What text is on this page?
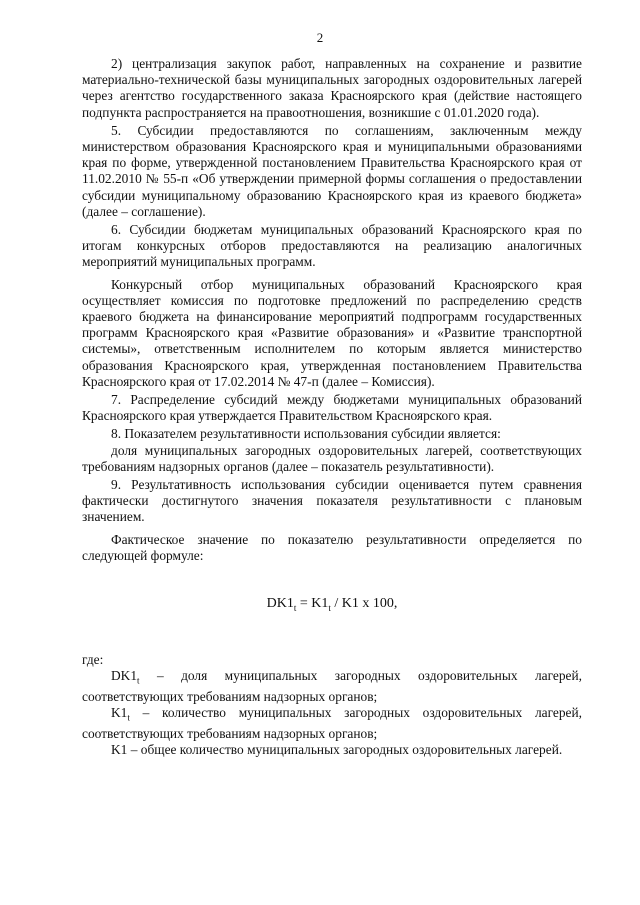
2

2) централизация закупок работ, направленных на сохранение и развитие материально-технической базы муниципальных загородных оздоровительных лагерей через агентство государственного заказа Красноярского края (действие настоящего подпункта распространяется на правоотношения, возникшие с 01.01.2020 года).

5. Субсидии предоставляются по соглашениям, заключенным между министерством образования Красноярского края и муниципальными образованиями края по форме, утвержденной постановлением Правительства Красноярского края от 11.02.2010 № 55-п «Об утверждении примерной формы соглашения о предоставлении субсидии муниципальному образованию Красноярского края из краевого бюджета» (далее – соглашение).

6. Субсидии бюджетам муниципальных образований Красноярского края по итогам конкурсных отборов предоставляются на реализацию аналогичных мероприятий муниципальных программ.

Конкурсный отбор муниципальных образований Красноярского края осуществляет комиссия по подготовке предложений по распределению средств краевого бюджета на финансирование мероприятий подпрограмм государственных программ Красноярского края «Развитие образования» и «Развитие транспортной системы», ответственным исполнителем по которым является министерство образования Красноярского края, утвержденная постановлением Правительства Красноярского края от 17.02.2014 № 47-п (далее – Комиссия).

7. Распределение субсидий между бюджетами муниципальных образований Красноярского края утверждается Правительством Красноярского края.

8. Показателем результативности использования субсидии является:

доля муниципальных загородных оздоровительных лагерей, соответствующих требованиям надзорных органов (далее – показатель результативности).

9. Результативность использования субсидии оценивается путем сравнения фактически достигнутого значения показателя результативности с плановым значением.

Фактическое значение по показателю результативности определяется по следующей формуле:

$DK1_t = K1_t / K1$ x 100,

где:

$DK1_t$ – доля муниципальных загородных оздоровительных лагерей, соответствующих требованиям надзорных органов;

$K1_t$ – количество муниципальных загородных оздоровительных лагерей, соответствующих требованиям надзорных органов;

K1 – общее количество муниципальных загородных оздоровительных лагерей.
